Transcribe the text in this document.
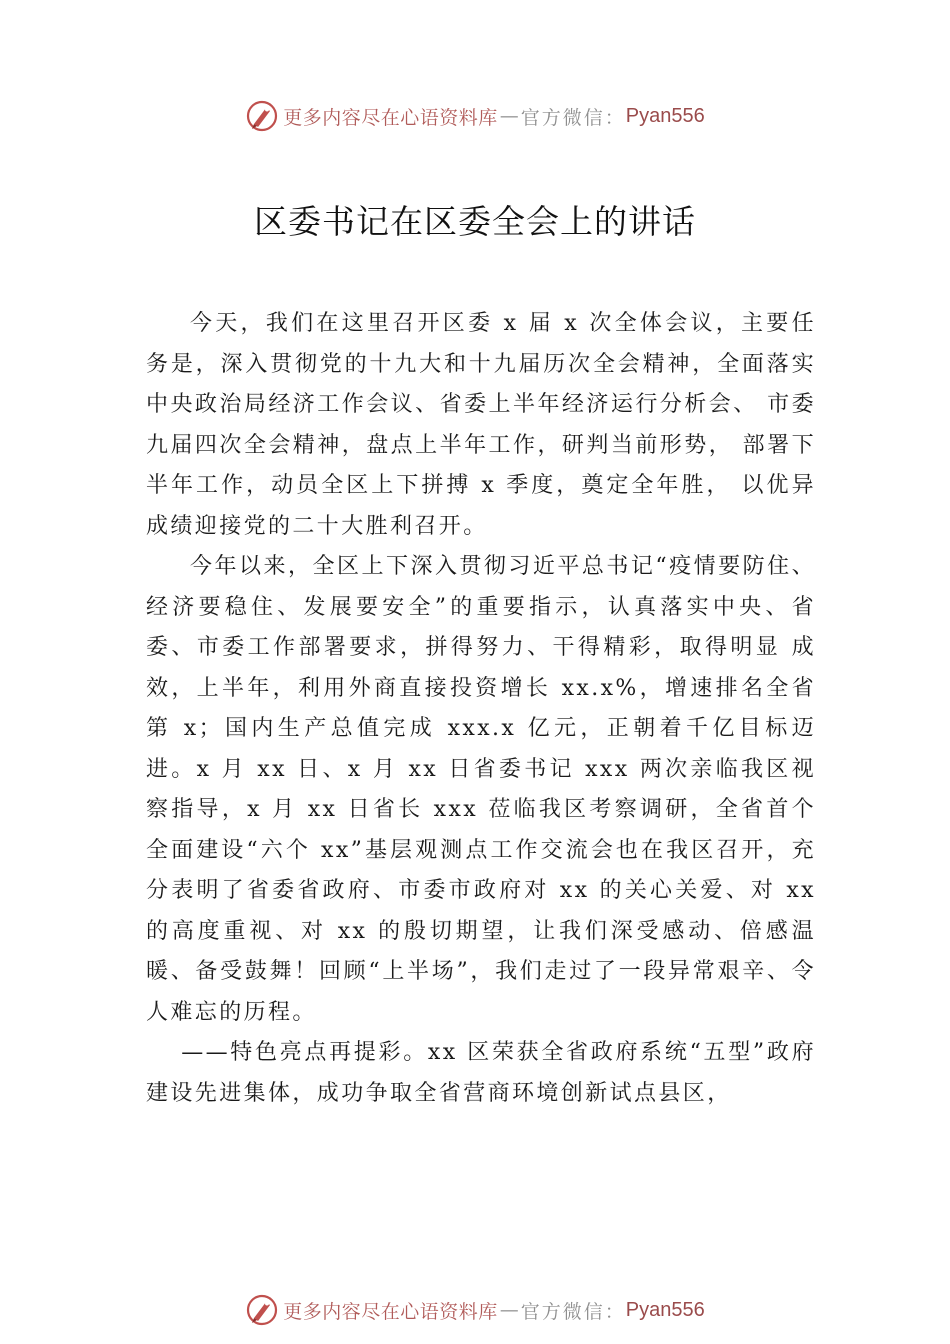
更多内容尽在心语资料库 — 官方微信： Pyan556
区委书记在区委全会上的讲话

今天，我们在这里召开区委 x 届 x 次全体会议，主要任务是，深入贯彻党的十九大和十九届历次全会精神，全面落实中央政治局经济工作会议、省委上半年经济运行分析会、 市委九届四次全会精神，盘点上半年工作，研判当前形势， 部署下半年工作，动员全区上下拼搏 x 季度，奠定全年胜， 以优异成绩迎接党的二十大胜利召开。

今年以来，全区上下深入贯彻习近平总书记“疫情要防住、经济要稳住、发展要安全”的重要指示，认真落实中央、省委、市委工作部署要求，拼得努力、干得精彩，取得明显 成效，上半年，利用外商直接投资增长 xx.x%，增速排名全省第 x；国内生产总值完成 xxx.x 亿元，正朝着千亿目标迈进。x 月 xx 日、x 月 xx 日省委书记 xxx 两次亲临我区视察指导，x 月 xx 日省长 xxx 莅临我区考察调研，全省首个全面建设“六个 xx”基层观测点工作交流会也在我区召开，充分表明了省委省政府、市委市政府对 xx 的关心关爱、对 xx 的高度重视、对 xx 的殷切期望，让我们深受感动、倍感温暖、备受鼓舞！回顾“上半场”，我们走过了一段异常艰辛、令人难忘的历程。

——特色亮点再提彩。xx 区荣获全省政府系统“五型”政府建设先进集体，成功争取全省营商环境创新试点县区，

更多内容尽在心语资料库 — 官方微信： Pyan556
